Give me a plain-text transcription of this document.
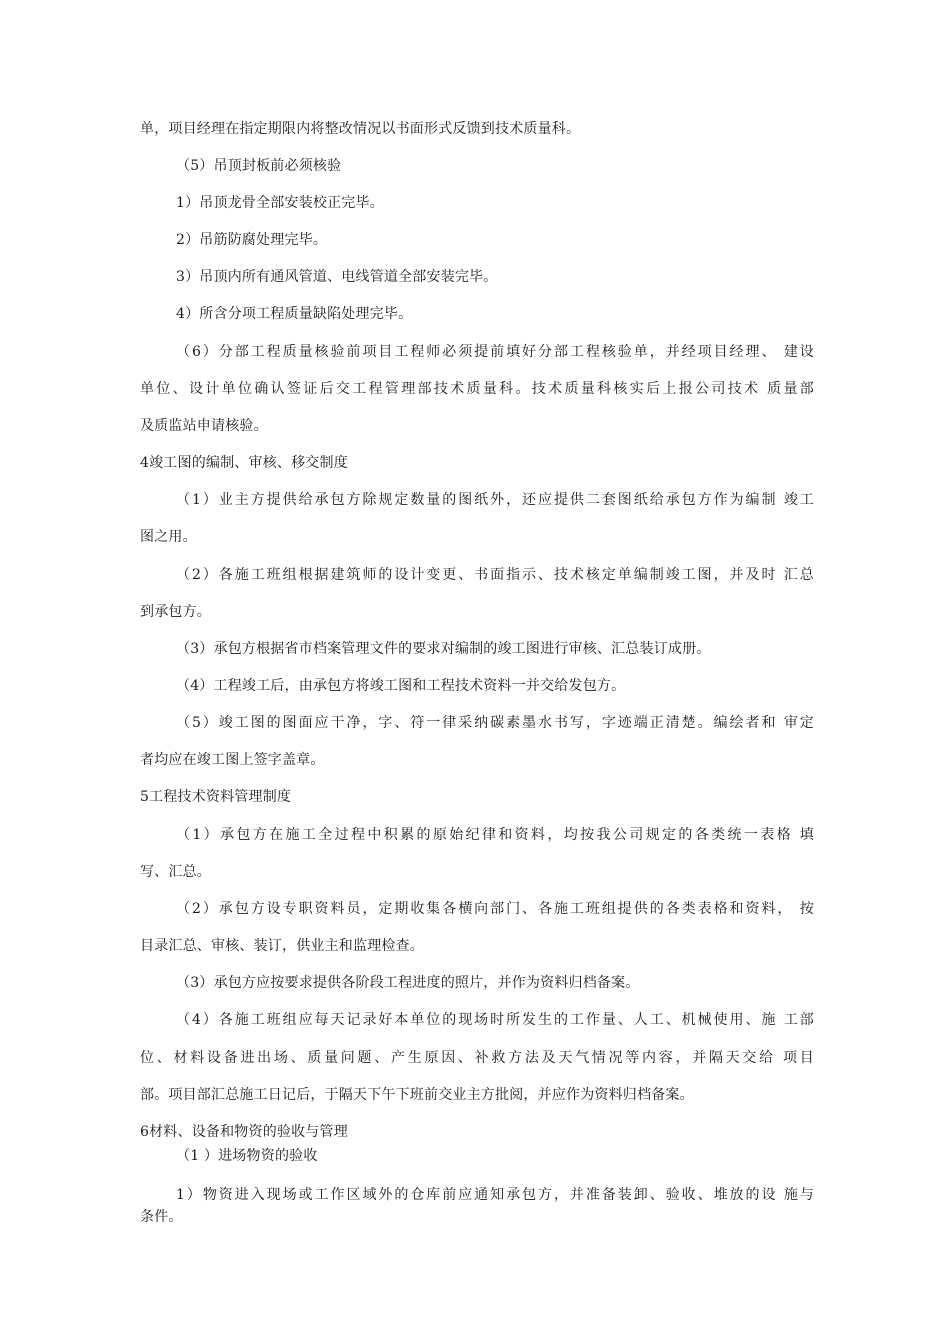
单，项目经理在指定期限内将整改情况以书面形式反馈到技术质量科。
（5）吊顶封板前必须核验
1）吊顶龙骨全部安装校正完毕。
2）吊筋防腐处理完毕。
3）吊顶内所有通风管道、电线管道全部安装完毕。
4）所含分项工程质量缺陷处理完毕。
（6）分部工程质量核验前项目工程师必须提前填好分部工程核验单，并经项目经理、 建设
单位、设计单位确认签证后交工程管理部技术质量科。技术质量科核实后上报公司技术 质量部
及质监站申请核验。
4竣工图的编制、审核、移交制度
（1）业主方提供给承包方除规定数量的图纸外，还应提供二套图纸给承包方作为编制 竣工
图之用。
（2）各施工班组根据建筑师的设计变更、书面指示、技术核定单编制竣工图，并及时 汇总
到承包方。
（3）承包方根据省市档案管理文件的要求对编制的竣工图进行审核、汇总装订成册。
（4）工程竣工后，由承包方将竣工图和工程技术资料一并交给发包方。
（5）竣工图的图面应干净，字、符一律采纳碳素墨水书写，字迹端正清楚。编绘者和 审定
者均应在竣工图上签字盖章。
5工程技术资料管理制度
（1）承包方在施工全过程中积累的原始纪律和资料，均按我公司规定的各类统一表格 填
写、汇总。
（2）承包方设专职资料员，定期收集各横向部门、各施工班组提供的各类表格和资料， 按
目录汇总、审核、装订，供业主和监理检查。
（3）承包方应按要求提供各阶段工程进度的照片，并作为资料归档备案。
（4）各施工班组应每天记录好本单位的现场时所发生的工作量、人工、机械使用、施 工部
位、材料设备进出场、质量问题、产生原因、补救方法及天气情况等内容，并隔天交给 项目
部。项目部汇总施工日记后，于隔天下午下班前交业主方批阅，并应作为资料归档备案。
6材料、设备和物资的验收与管理
（1 ）进场物资的验收
1）物资进入现场或工作区域外的仓库前应通知承包方，并准备装卸、验收、堆放的设 施与
条件。
